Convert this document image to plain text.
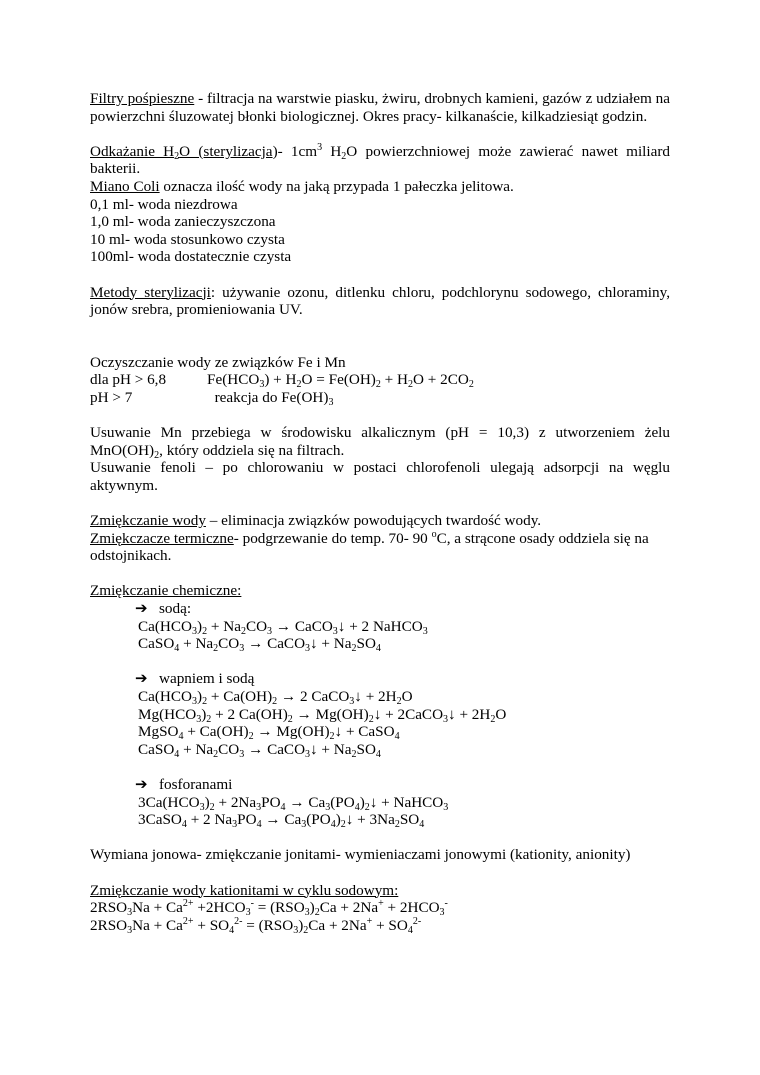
Filtry pośpieszne - filtracja na warstwie piasku, żwiru, drobnych kamieni, gazów z udziałem na powierzchni śluzowatej błonki biologicznej. Okres pracy- kilkanaście, kilkadziesiąt godzin.

Odkażanie $H_2O$ (sterylizacja)- $1cm^3$ $H_2O$ powierzchniowej może zawierać nawet miliard bakterii.

Miano Coli oznacza ilość wody na jaką przypada 1 pałeczka jelitowa.

0,1 ml- woda niezdrowa

1,0 ml- woda zanieczyszczona

10 ml- woda stosunkowo czysta

100ml- woda dostatecznie czysta

Metody sterylizacji: używanie ozonu, ditlenku chloru, podchlorynu sodowego, chloraminy, jonów srebra, promieniowania UV.

Oczyszczanie wody ze związków Fe i Mn

dla pH > 6,8	$Fe(HCO_3) + H_2O = Fe(OH)_2 + H_2O + 2CO_2$

pH > 7	reakcja do $Fe(OH)_3$

Usuwanie Mn przebiega w środowisku alkalicznym (pH = 10,3) z utworzeniem żelu $MnO(OH)_2$, który oddziela się na filtrach.

Usuwanie fenoli – po chlorowaniu w postaci chlorofenoli ulegają adsorpcji na węglu aktywnym.

Zmiękczanie wody – eliminacja związków powodujących twardość wody.

Zmiękczacze termiczne- podgrzewanie do temp. 70- 90 $^o$C, a strącone osady oddziela się na odstojnikach.

Zmiękczanie chemiczne:

➔ sodą:

$Ca(HCO_3)_2 + Na_2CO_3$ → CaCO$_3$↓ + 2 NaHCO$_3$

CaSO$_4$ + $Na_2CO_3$ → CaCO$_3$↓ + $Na_2SO_4$

➔ wapniem i sodą

$Ca(HCO_3)_2 + Ca(OH)_2 \to 2$ CaCO$_3$↓ + $2H_2O$

$Mg(HCO_3)_2 + 2$ $Ca(OH)_2$ → $Mg(OH)_2↓$ + 2CaCO$_3$↓ + $2H_2O$

MgSO$_4$ + $Ca(OH)_2$ → $Mg(OH)_2↓$ + CaSO$_4$

CaSO$_4$ + $Na_2CO_3$ → CaCO$_3$↓ + $Na_2SO_4$

➔ fosforanami

$3Ca(HCO_3)_2 + 2Na_3PO_4$ → $Ca_3(PO_4)_2↓$ + NaHCO$_3$

3CaSO$_4$ + 2 $Na_3PO_4$ → $Ca_3(PO_4)_2↓ + 3Na_2SO_4$

Wymiana jonowa- zmiękczanie jonitami- wymieniaczami jonowymi (kationity, anionity)

Zmiękczanie wody kationitami w cyklu sodowym:

$2RSO_3Na + Ca^{2+} +2HCO_3^- = (RSO_3)_2Ca + 2Na^+ + 2HCO_3^-$

$2RSO_3Na + Ca^{2+} + SO_4^{2-} = (RSO_3)_2Ca + 2Na^+ + SO_4^{2-}$
